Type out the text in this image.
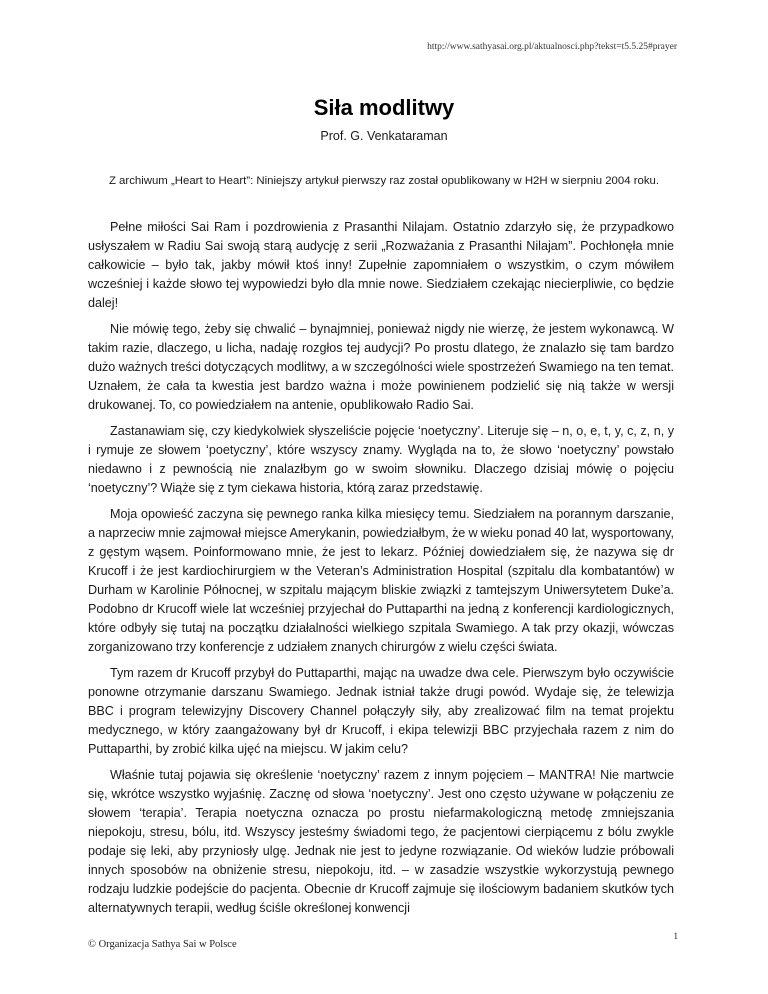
http://www.sathyasai.org.pl/aktualnosci.php?tekst=t5.5.25#prayer
Siła modlitwy
Prof. G. Venkataraman
Z archiwum „Heart to Heart”: Niniejszy artykuł pierwszy raz został opublikowany w H2H w sierpniu 2004 roku.

Pełne miłości Sai Ram i pozdrowienia z Prasanthi Nilajam. Ostatnio zdarzyło się, że przypadkowo usłyszałem w Radiu Sai swoją starą audycję z serii „Rozważania z Prasanthi Nilajam”. Pochłonęła mnie całkowicie – było tak, jakby mówił ktoś inny! Zupełnie zapomniałem o wszystkim, o czym mówiłem wcześniej i każde słowo tej wypowiedzi było dla mnie nowe. Siedziałem czekając niecierpliwie, co będzie dalej!

Nie mówię tego, żeby się chwalić – bynajmniej, ponieważ nigdy nie wierzę, że jestem wykonawcą. W takim razie, dlaczego, u licha, nadaję rozgłos tej audycji? Po prostu dlatego, że znalazło się tam bardzo dużo ważnych treści dotyczących modlitwy, a w szczególności wiele spostrzeżeń Swamiego na ten temat. Uznałem, że cała ta kwestia jest bardzo ważna i może powinienem podzielić się nią także w wersji drukowanej. To, co powiedziałem na antenie, opublikowało Radio Sai.

Zastanawiam się, czy kiedykolwiek słyszeliście pojęcie ‘noetyczny’. Literuje się – n, o, e, t, y, c, z, n, y i rymuje ze słowem ‘poetyczny’, które wszyscy znamy. Wygląda na to, że słowo ‘noetyczny’ powstało niedawno i z pewnością nie znalazłbym go w swoim słowniku. Dlaczego dzisiaj mówię o pojęciu ‘noetyczny’? Wiąże się z tym ciekawa historia, którą zaraz przedstawię.

Moja opowieść zaczyna się pewnego ranka kilka miesięcy temu. Siedziałem na porannym darszanie, a naprzeciw mnie zajmował miejsce Amerykanin, powiedziałbym, że w wieku ponad 40 lat, wysportowany, z gęstym wąsem. Poinformowano mnie, że jest to lekarz. Później dowiedziałem się, że nazywa się dr Krucoff i że jest kardiochirurgiem w the Veteran’s Administration Hospital (szpitalu dla kombatantów) w Durham w Karolinie Północnej, w szpitalu mającym bliskie związki z tamtejszym Uniwersytetem Duke’a. Podobno dr Krucoff wiele lat wcześniej przyjechał do Puttaparthi na jedną z konferencji kardiologicznych, które odbyły się tutaj na początku działalności wielkiego szpitala Swamiego. A tak przy okazji, wówczas zorganizowano trzy konferencje z udziałem znanych chirurgów z wielu części świata.

Tym razem dr Krucoff przybył do Puttaparthi, mając na uwadze dwa cele. Pierwszym było oczywiście ponowne otrzymanie darszanu Swamiego. Jednak istniał także drugi powód. Wydaje się, że telewizja BBC i program telewizyjny Discovery Channel połączyły siły, aby zrealizować film na temat projektu medycznego, w który zaangażowany był dr Krucoff, i ekipa telewizji BBC przyjechała razem z nim do Puttaparthi, by zrobić kilka ujęć na miejscu. W jakim celu?

Właśnie tutaj pojawia się określenie ‘noetyczny’ razem z innym pojęciem – MANTRA! Nie martwcie się, wkrótce wszystko wyjaśnię. Zacznę od słowa ‘noetyczny’. Jest ono często używane w połączeniu ze słowem ‘terapia’. Terapia noetyczna oznacza po prostu niefarmakologiczną metodę zmniejszania niepokoju, stresu, bólu, itd. Wszyscy jesteśmy świadomi tego, że pacjentowi cierpiącemu z bólu zwykle podaje się leki, aby przyniosły ulgę. Jednak nie jest to jedyne rozwiązanie. Od wieków ludzie próbowali innych sposobów na obniżenie stresu, niepokoju, itd. – w zasadzie wszystkie wykorzystują pewnego rodzaju ludzkie podejście do pacjenta. Obecnie dr Krucoff zajmuje się ilościowym badaniem skutków tych alternatywnych terapii, według ściśle określonej konwencji

1
© Organizacja Sathya Sai w Polsce
